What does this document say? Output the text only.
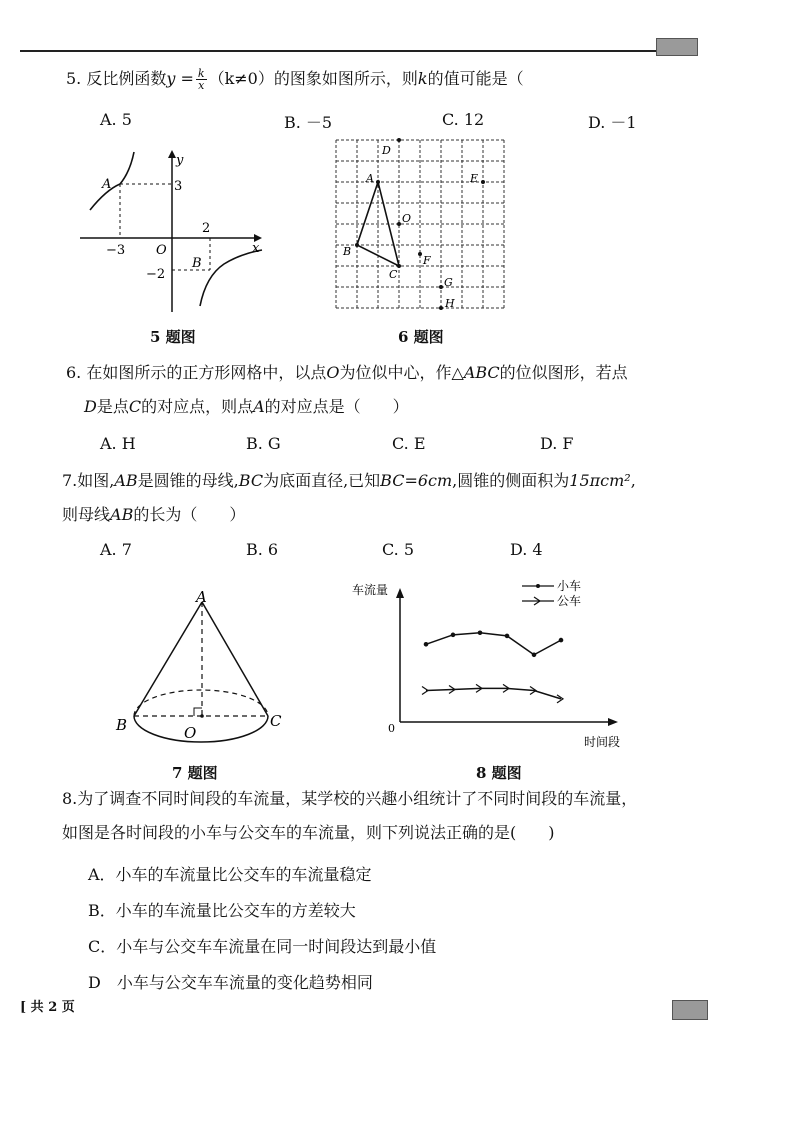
5. 反比例函数$y = \frac{k}{x} (k\ne 0)$的图象如图所示，则k的值可能是（
A. 5	B. －5	C. 12	D. －1
y
x
O
−3
2
3
−2
A
B
5 题图
D
A	E
O
B
F
C
G
H
6 题图
6. 在如图所示的正方形网格中，以点O为位似中心，作△ABC的位似图形，若点
D是点C的对应点，则点A的对应点是（　　）
A. H	B. G	C. E	D. F
7.如图,AB是圆锥的母线,BC为底面直径,已知BC=6cm,圆锥的侧面积为15πcm²,
则母线AB的长为（　　）
A. 7	B. 6	C. 5	D. 4
A
B	C
O
7 题图
车流量
0
时间段
小车
公车
8 题图
8.为了调查不同时间段的车流量，某学校的兴趣小组统计了不同时间段的车流量，
如图是各时间段的小车与公交车的车流量，则下列说法正确的是(　　)
A．小车的车流量比公交车的车流量稳定
B．小车的车流量比公交车的方差较大
C．小车与公交车车流量在同一时间段达到最小值
D　小车与公交车车流量的变化趋势相同
[ 共 2 页
